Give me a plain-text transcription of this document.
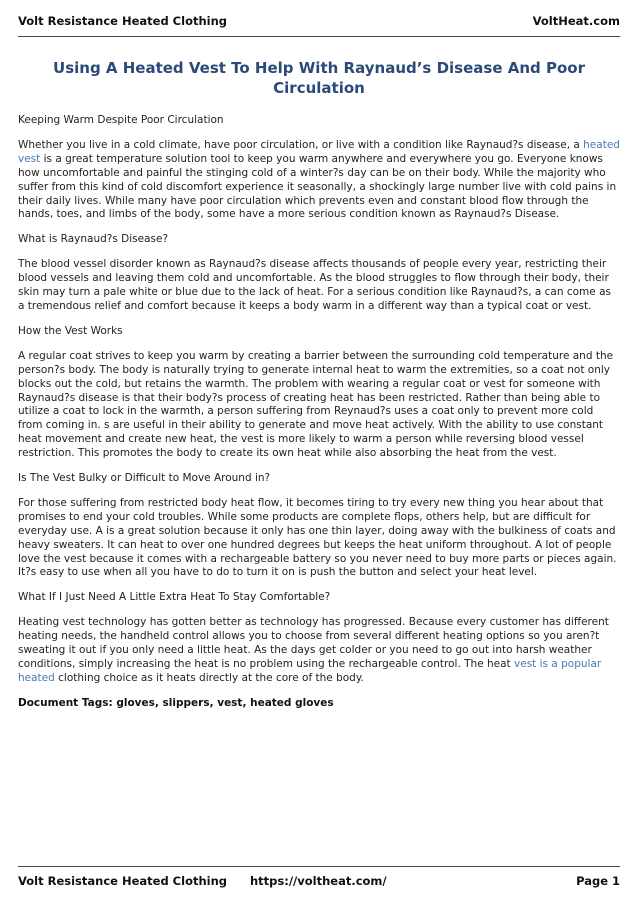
Volt Resistance Heated Clothing	VoltHeat.com
Using A Heated Vest To Help With Raynaud’s Disease And Poor Circulation

Keeping Warm Despite Poor Circulation

Whether you live in a cold climate, have poor circulation, or live with a condition like Raynaud?s disease, a heated vest is a great temperature solution tool to keep you warm anywhere and everywhere you go. Everyone knows how uncomfortable and painful the stinging cold of a winter?s day can be on their body. While the majority who suffer from this kind of cold discomfort experience it seasonally, a shockingly large number live with cold pains in their daily lives. While many have poor circulation which prevents even and constant blood flow through the hands, toes, and limbs of the body, some have a more serious condition known as Raynaud?s Disease.

What is Raynaud?s Disease?

The blood vessel disorder known as Raynaud?s disease affects thousands of people every year, restricting their blood vessels and leaving them cold and uncomfortable. As the blood struggles to flow through their body, their skin may turn a pale white or blue due to the lack of heat. For a serious condition like Raynaud?s, a can come as a tremendous relief and comfort because it keeps a body warm in a different way than a typical coat or vest.

How the Vest Works

A regular coat strives to keep you warm by creating a barrier between the surrounding cold temperature and the person?s body. The body is naturally trying to generate internal heat to warm the extremities, so a coat not only blocks out the cold, but retains the warmth. The problem with wearing a regular coat or vest for someone with Raynaud?s disease is that their body?s process of creating heat has been restricted. Rather than being able to utilize a coat to lock in the warmth, a person suffering from Reynaud?s uses a coat only to prevent more cold from coming in. s are useful in their ability to generate and move heat actively. With the ability to use constant heat movement and create new heat, the vest is more likely to warm a person while reversing blood vessel restriction. This promotes the body to create its own heat while also absorbing the heat from the vest.

Is The Vest Bulky or Difficult to Move Around in?

For those suffering from restricted body heat flow, it becomes tiring to try every new thing you hear about that promises to end your cold troubles. While some products are complete flops, others help, but are difficult for everyday use. A is a great solution because it only has one thin layer, doing away with the bulkiness of coats and heavy sweaters. It can heat to over one hundred degrees but keeps the heat uniform throughout. A lot of people love the vest because it comes with a rechargeable battery so you never need to buy more parts or pieces again. It?s easy to use when all you have to do to turn it on is push the button and select your heat level.

What If I Just Need A Little Extra Heat To Stay Comfortable?

Heating vest technology has gotten better as technology has progressed. Because every customer has different heating needs, the handheld control allows you to choose from several different heating options so you aren?t sweating it out if you only need a little heat. As the days get colder or you need to go out into harsh weather conditions, simply increasing the heat is no problem using the rechargeable control. The heat vest is a popular heated clothing choice as it heats directly at the core of the body.

Document Tags: gloves, slippers, vest, heated gloves

Volt Resistance Heated Clothing https://voltheat.com/	Page 1
